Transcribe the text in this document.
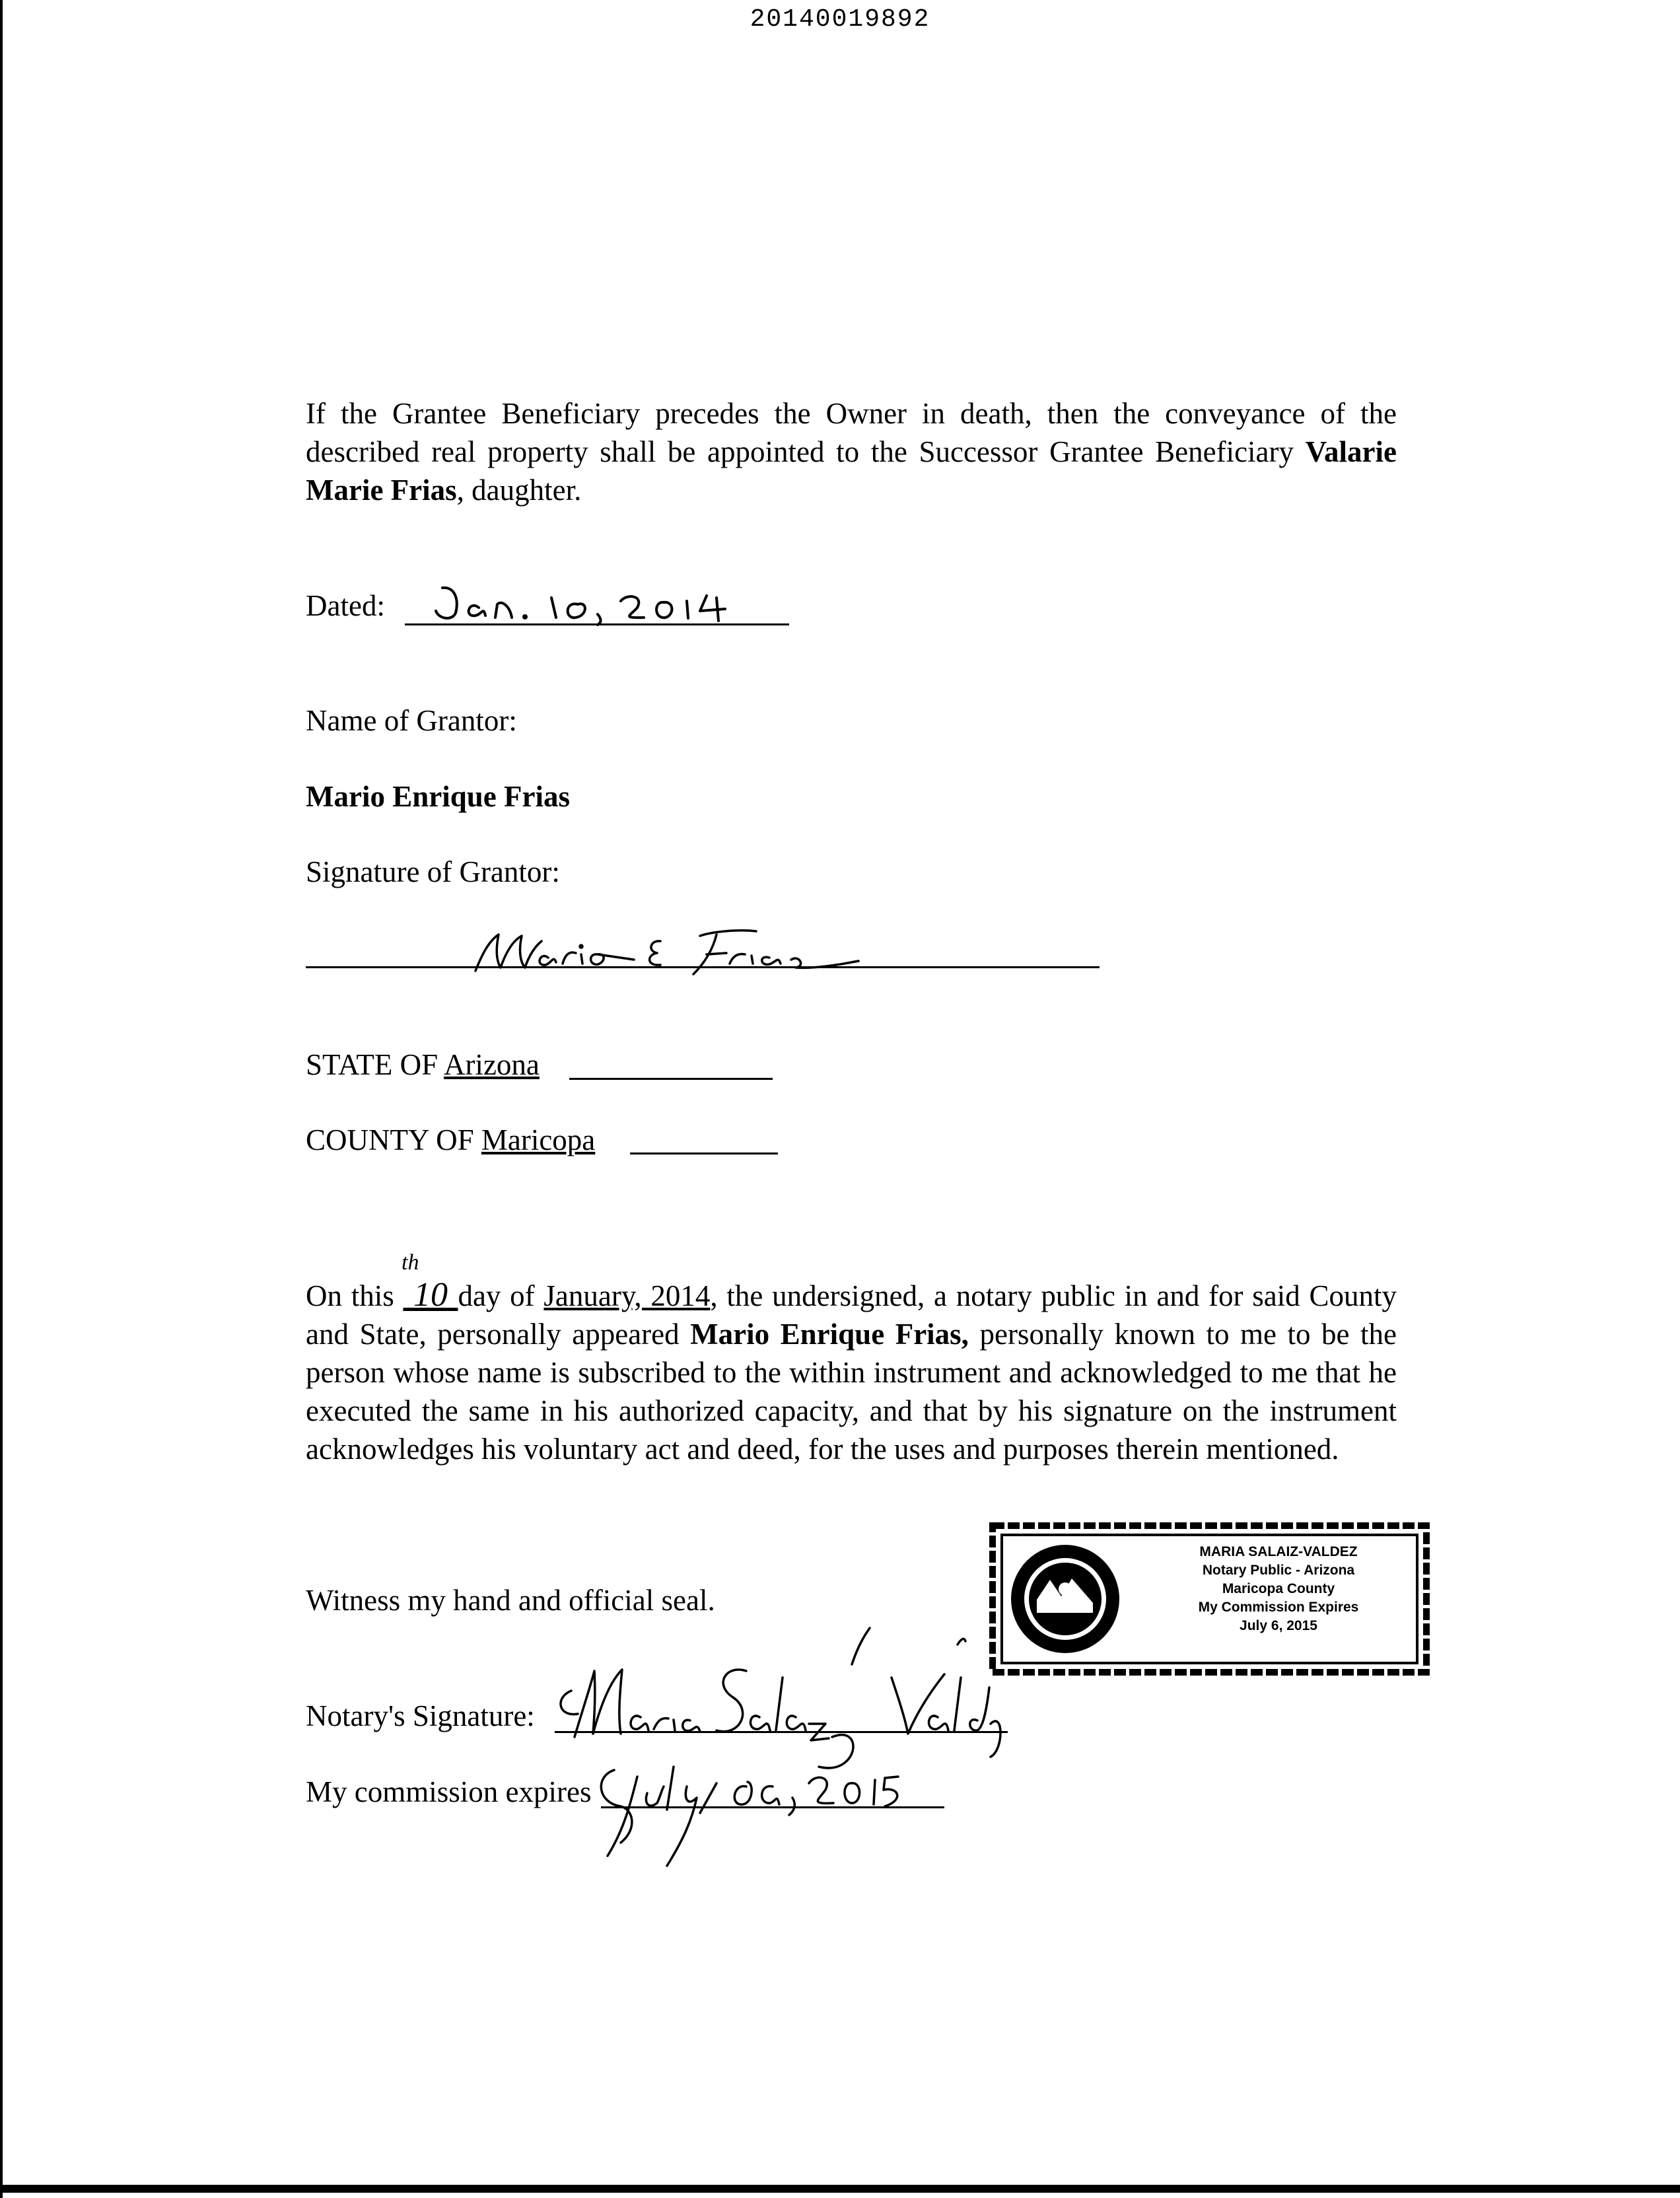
20140019892
If the Grantee Beneficiary precedes the Owner in death, then the conveyance of the described real property shall be appointed to the Successor Grantee Beneficiary Valarie Marie Frias, daughter.
Dated:
Name of Grantor:
Mario Enrique Frias
Signature of Grantor:
STATE OF Arizona
COUNTY OF Maricopa
th
On this 10 day of January, 2014, the undersigned, a notary public in and for said County and State, personally appeared Mario Enrique Frias, personally known to me to be the person whose name is subscribed to the within instrument and acknowledged to me that he executed the same in his authorized capacity, and that by his signature on the instrument acknowledges his voluntary act and deed, for the uses and purposes therein mentioned.
Witness my hand and official seal.
MARIA SALAIZ-VALDEZ
Notary Public - Arizona
Maricopa County
My Commission Expires
July 6, 2015
Notary's Signature:
My commission expires
